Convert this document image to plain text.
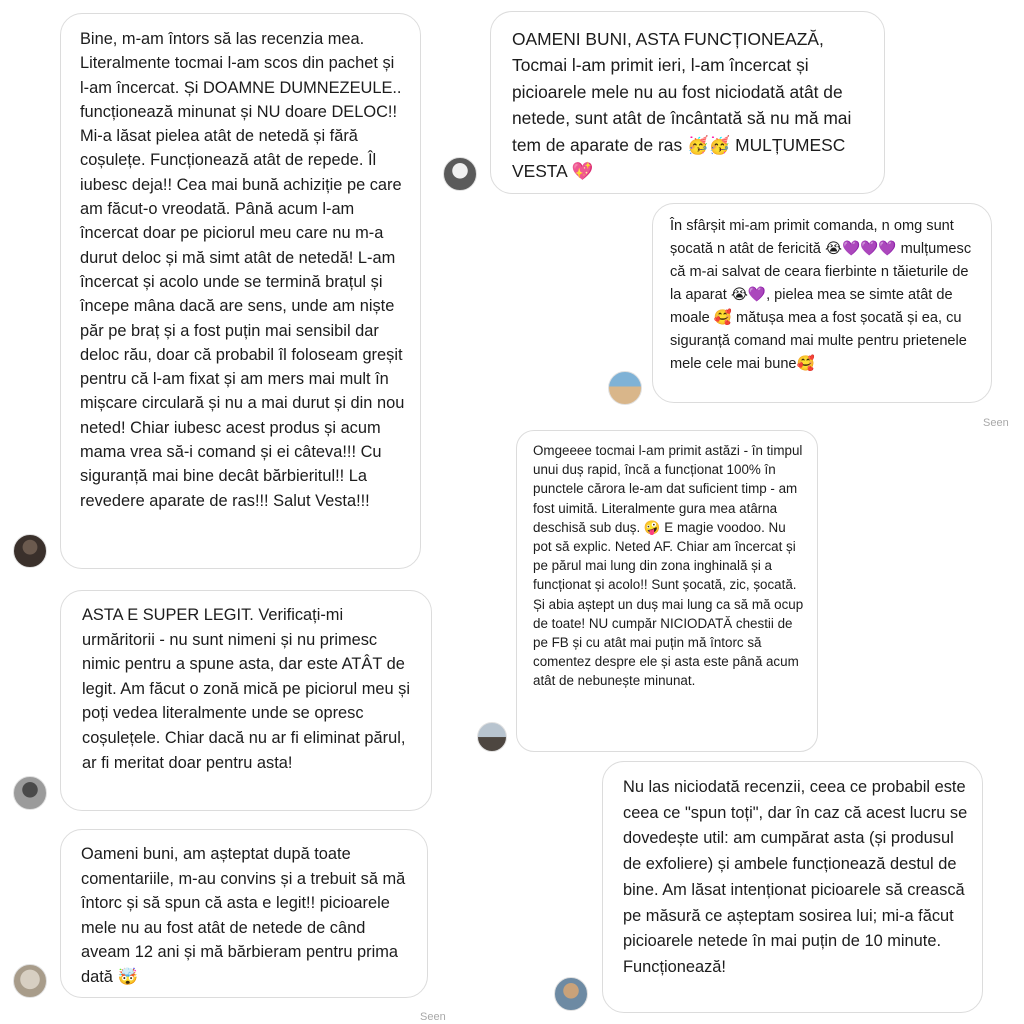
Bine, m-am întors să las recenzia mea. Literalmente tocmai l-am scos din pachet și l-am încercat. Și DOAMNE DUMNEZEULE.. funcționează minunat și NU doare DELOC!! Mi-a lăsat pielea atât de netedă și fără coșulețe. Funcționează atât de repede. Îl iubesc deja!! Cea mai bună achiziție pe care am făcut-o vreodată. Până acum l-am încercat doar pe piciorul meu care nu m-a durut deloc și mă simt atât de netedă! L-am încercat și acolo unde se termină brațul și începe mâna dacă are sens, unde am niște păr pe braț și a fost puțin mai sensibil dar deloc rău, doar că probabil îl foloseam greșit pentru că l-am fixat și am mers mai mult în mișcare circulară și nu a mai durut și din nou neted! Chiar iubesc acest produs și acum mama vrea să-i comand și ei câteva!!! Cu siguranță mai bine decât bărbieritul!! La revedere aparate de ras!!! Salut Vesta!!!

ASTA E SUPER LEGIT. Verificați-mi urmăritorii - nu sunt nimeni și nu primesc nimic pentru a spune asta, dar este ATÂT de legit. Am făcut o zonă mică pe piciorul meu și poți vedea literalmente unde se opresc coșulețele. Chiar dacă nu ar fi eliminat părul, ar fi meritat doar pentru asta!

Oameni buni, am așteptat după toate comentariile, m-au convins și a trebuit să mă întorc și să spun că asta e legit!! picioarele mele nu au fost atât de netede de când aveam 12 ani și mă bărbieram pentru prima dată 🤯

Seen

OAMENI BUNI, ASTA FUNCȚIONEAZĂ, Tocmai l-am primit ieri, l-am încercat și picioarele mele nu au fost niciodată atât de netede, sunt atât de încântată să nu mă mai tem de aparate de ras 🥳🥳 MULȚUMESC VESTA 💖

În sfârșit mi-am primit comanda, n omg sunt șocată n atât de fericită 😭💜💜💜 mulțumesc că m-ai salvat de ceara fierbinte n tăieturile de la aparat 😭💜, pielea mea se simte atât de moale 🥰 mătușa mea a fost șocată și ea, cu siguranță comand mai multe pentru prietenele mele cele mai bune🥰

Seen

Omgeeee tocmai l-am primit astăzi - în timpul unui duș rapid, încă a funcționat 100% în punctele cărora le-am dat suficient timp - am fost uimită. Literalmente gura mea atârna deschisă sub duș. 🤪 E magie voodoo. Nu pot să explic. Neted AF. Chiar am încercat și pe părul mai lung din zona inghinală și a funcționat și acolo!! Sunt șocată, zic, șocată. Și abia aștept un duș mai lung ca să mă ocup de toate! NU cumpăr NICIODATĂ chestii de pe FB și cu atât mai puțin mă întorc să comentez despre ele și asta este până acum atât de nebunește minunat.

Nu las niciodată recenzii, ceea ce probabil este ceea ce "spun toți", dar în caz că acest lucru se dovedește util: am cumpărat asta (și produsul de exfoliere) și ambele funcționează destul de bine. Am lăsat intenționat picioarele să crească pe măsură ce așteptam sosirea lui; mi-a făcut picioarele netede în mai puțin de 10 minute. Funcționează!
